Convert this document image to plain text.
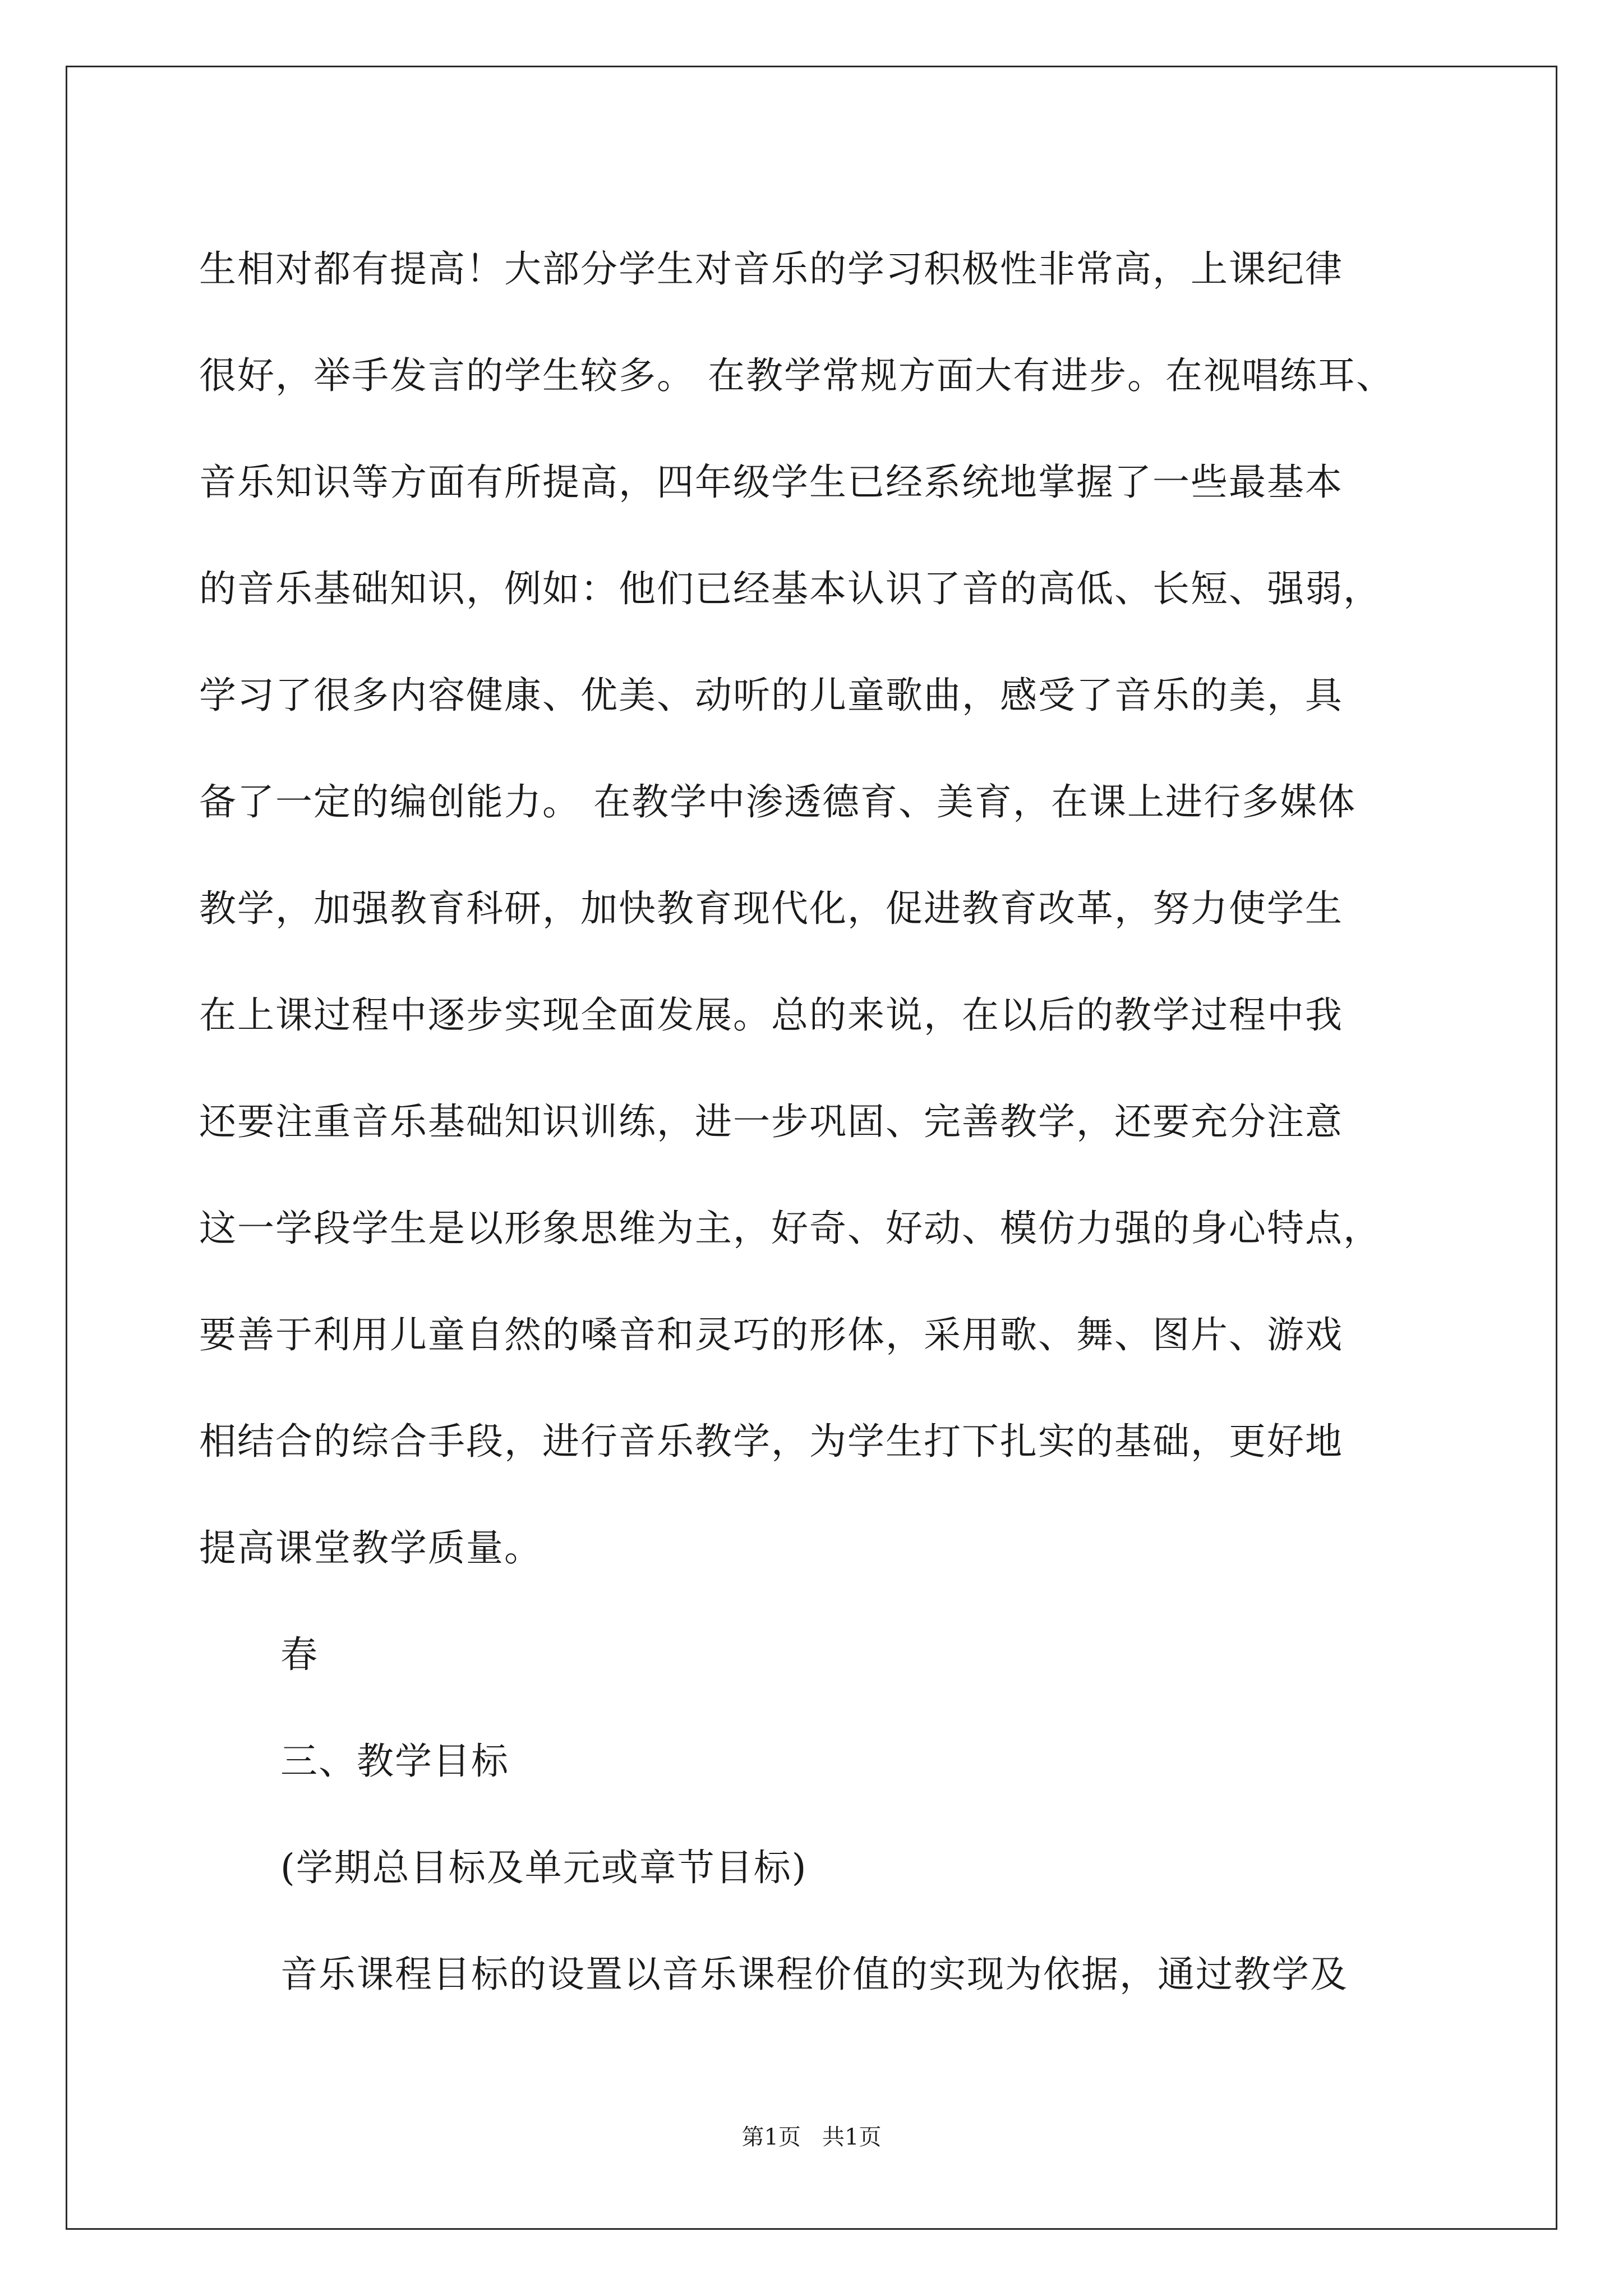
生相对都有提高！大部分学生对音乐的学习积极性非常高，上课纪律
很好，举手发言的学生较多。 在教学常规方面大有进步。在视唱练耳、
音乐知识等方面有所提高，四年级学生已经系统地掌握了一些最基本
的音乐基础知识，例如：他们已经基本认识了音的高低、长短、强弱，
学习了很多内容健康、优美、动听的儿童歌曲，感受了音乐的美，具
备了一定的编创能力。 在教学中渗透德育、美育，在课上进行多媒体
教学，加强教育科研，加快教育现代化，促进教育改革，努力使学生
在上课过程中逐步实现全面发展。总的来说，在以后的教学过程中我
还要注重音乐基础知识训练，进一步巩固、完善教学，还要充分注意
这一学段学生是以形象思维为主，好奇、好动、模仿力强的身心特点，
要善于利用儿童自然的嗓音和灵巧的形体，采用歌、舞、图片、游戏
相结合的综合手段，进行音乐教学，为学生打下扎实的基础，更好地
提高课堂教学质量。
春
三、教学目标
(学期总目标及单元或章节目标)
音乐课程目标的设置以音乐课程价值的实现为依据，通过教学及
第1页   共1页
